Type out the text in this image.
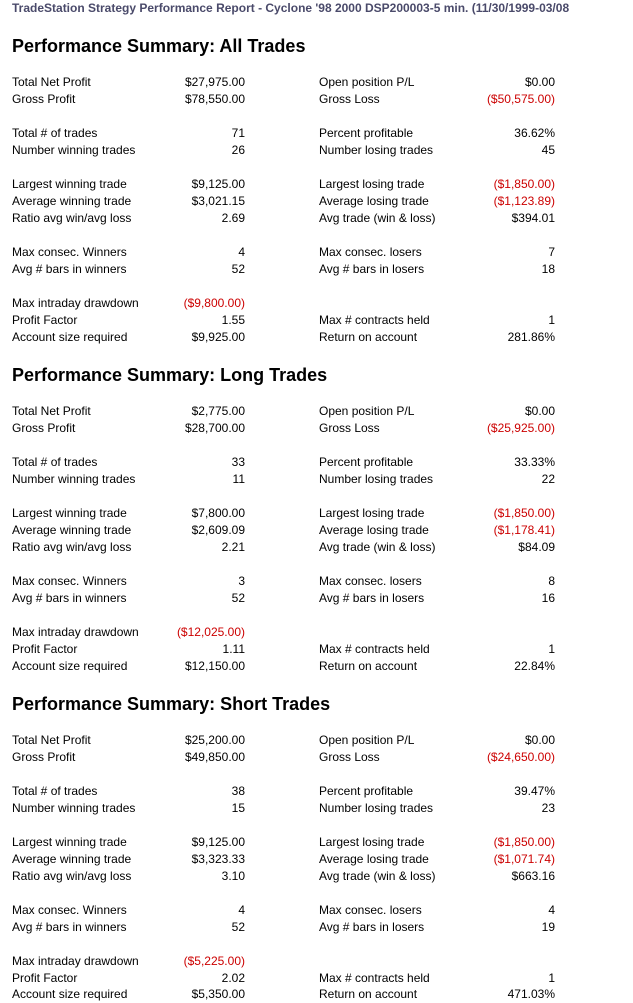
TradeStation Strategy Performance Report - Cyclone '98 2000 DSP200003-5 min. (11/30/1999-03/08
Performance Summary: All Trades
Total Net Profit	$27,975.00	Open position P/L	$0.00
Gross Profit	$78,550.00	Gross Loss	($50,575.00)
Total # of trades	71	Percent profitable	36.62%
Number winning trades	26	Number losing trades	45
Largest winning trade	$9,125.00	Largest losing trade	($1,850.00)
Average winning trade	$3,021.15	Average losing trade	($1,123.89)
Ratio avg win/avg loss	2.69	Avg trade (win & loss)	$394.01
Max consec. Winners	4	Max consec. losers	7
Avg # bars in winners	52	Avg # bars in losers	18
Max intraday drawdown	($9,800.00)
Profit Factor	1.55	Max # contracts held	1
Account size required	$9,925.00	Return on account	281.86%
Performance Summary: Long Trades
Total Net Profit	$2,775.00	Open position P/L	$0.00
Gross Profit	$28,700.00	Gross Loss	($25,925.00)
Total # of trades	33	Percent profitable	33.33%
Number winning trades	11	Number losing trades	22
Largest winning trade	$7,800.00	Largest losing trade	($1,850.00)
Average winning trade	$2,609.09	Average losing trade	($1,178.41)
Ratio avg win/avg loss	2.21	Avg trade (win & loss)	$84.09
Max consec. Winners	3	Max consec. losers	8
Avg # bars in winners	52	Avg # bars in losers	16
Max intraday drawdown	($12,025.00)
Profit Factor	1.11	Max # contracts held	1
Account size required	$12,150.00	Return on account	22.84%
Performance Summary: Short Trades
Total Net Profit	$25,200.00	Open position P/L	$0.00
Gross Profit	$49,850.00	Gross Loss	($24,650.00)
Total # of trades	38	Percent profitable	39.47%
Number winning trades	15	Number losing trades	23
Largest winning trade	$9,125.00	Largest losing trade	($1,850.00)
Average winning trade	$3,323.33	Average losing trade	($1,071.74)
Ratio avg win/avg loss	3.10	Avg trade (win & loss)	$663.16
Max consec. Winners	4	Max consec. losers	4
Avg # bars in winners	52	Avg # bars in losers	19
Max intraday drawdown	($5,225.00)
Profit Factor	2.02	Max # contracts held	1
Account size required	$5,350.00	Return on account	471.03%
